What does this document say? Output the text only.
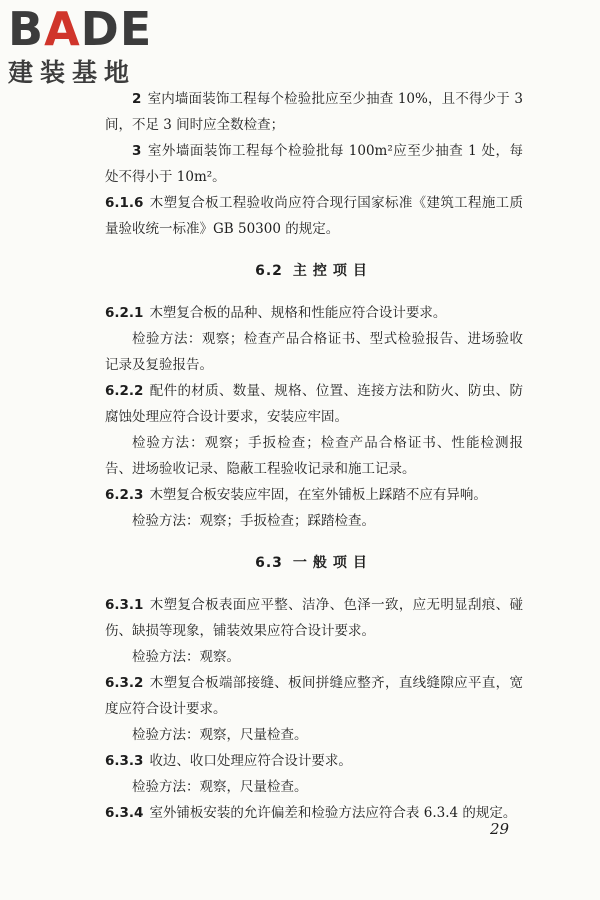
BADE
建装基地

2 室内墙面装饰工程每个检验批应至少抽查 10%，且不得少于 3 间，不足 3 间时应全数检查；

3 室外墙面装饰工程每个检验批每 100m²应至少抽查 1 处，每处不得小于 10m²。

6.1.6 木塑复合板工程验收尚应符合现行国家标准《建筑工程施工质量验收统一标准》GB 50300 的规定。

6.2 主控项目

6.2.1 木塑复合板的品种、规格和性能应符合设计要求。

检验方法：观察；检查产品合格证书、型式检验报告、进场验收记录及复验报告。

6.2.2 配件的材质、数量、规格、位置、连接方法和防火、防虫、防腐蚀处理应符合设计要求，安装应牢固。

检验方法：观察；手扳检查；检查产品合格证书、性能检测报告、进场验收记录、隐蔽工程验收记录和施工记录。

6.2.3 木塑复合板安装应牢固，在室外铺板上踩踏不应有异响。

检验方法：观察；手扳检查；踩踏检查。

6.3 一般项目

6.3.1 木塑复合板表面应平整、洁净、色泽一致，应无明显刮痕、碰伤、缺损等现象，铺装效果应符合设计要求。

检验方法：观察。

6.3.2 木塑复合板端部接缝、板间拼缝应整齐，直线缝隙应平直，宽度应符合设计要求。

检验方法：观察，尺量检查。

6.3.3 收边、收口处理应符合设计要求。

检验方法：观察，尺量检查。

6.3.4 室外铺板安装的允许偏差和检验方法应符合表 6.3.4 的规定。

29
